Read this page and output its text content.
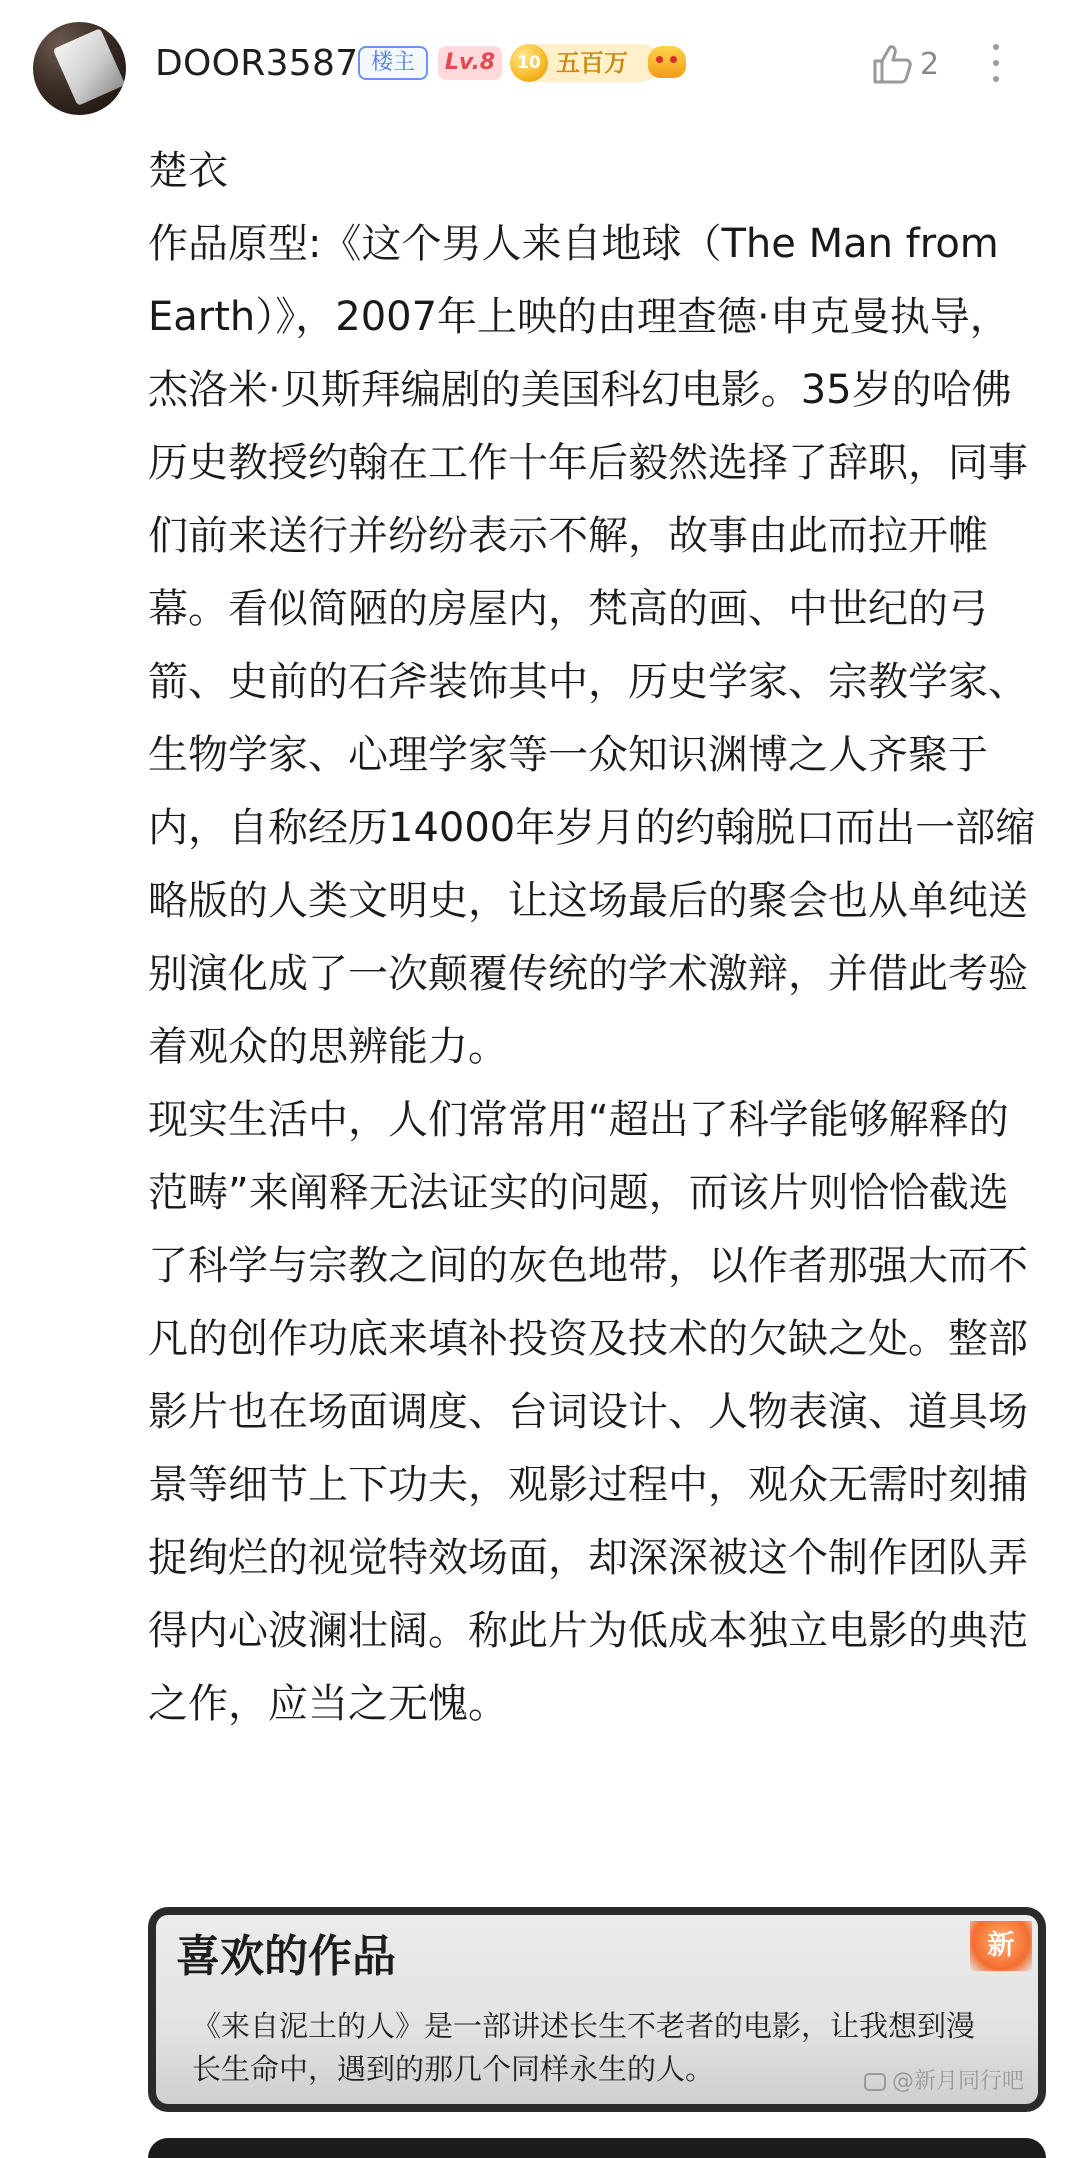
DOOR3587 楼主	Lv.8	10 五百万	2

楚衣

作品原型:《这个男人来自地球（The Man from Earth）》，2007年上映的由理查德·申克曼执导，杰洛米·贝斯拜编剧的美国科幻电影。35岁的哈佛历史教授约翰在工作十年后毅然选择了辞职，同事们前来送行并纷纷表示不解，故事由此而拉开帷幕。看似简陋的房屋内，梵高的画、中世纪的弓箭、史前的石斧装饰其中，历史学家、宗教学家、生物学家、心理学家等一众知识渊博之人齐聚于内，自称经历14000年岁月的约翰脱口而出一部缩略版的人类文明史，让这场最后的聚会也从单纯送别演化成了一次颠覆传统的学术激辩，并借此考验着观众的思辨能力。

现实生活中，人们常常用“超出了科学能够解释的范畴”来阐释无法证实的问题，而该片则恰恰截选了科学与宗教之间的灰色地带，以作者那强大而不凡的创作功底来填补投资及技术的欠缺之处。整部影片也在场面调度、台词设计、人物表演、道具场景等细节上下功夫，观影过程中，观众无需时刻捕捉绚烂的视觉特效场面，却深深被这个制作团队弄得内心波澜壮阔。称此片为低成本独立电影的典范之作，应当之无愧。

喜欢的作品	新
《来自泥土的人》是一部讲述长生不老者的电影，让我想到漫长生命中，遇到的那几个同样永生的人。	@新月同行吧
